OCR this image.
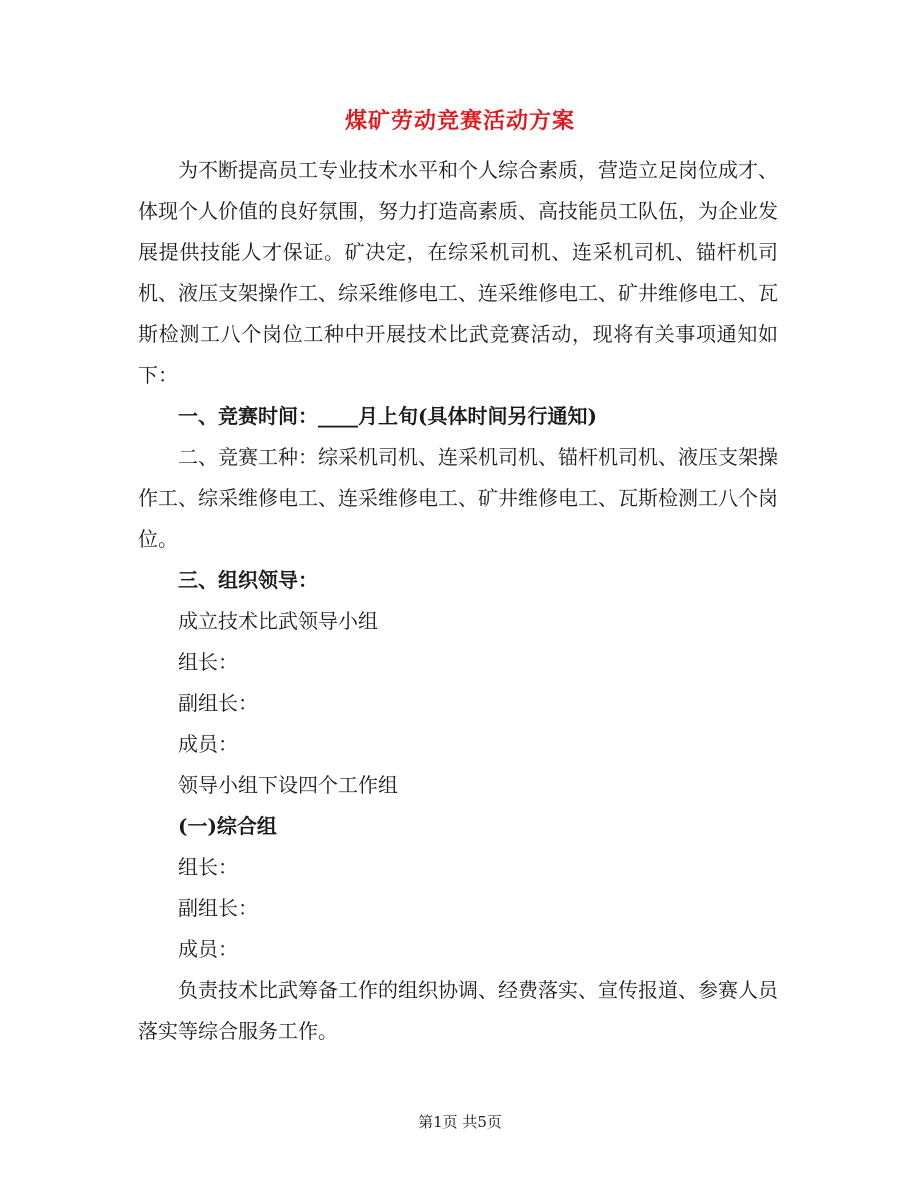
煤矿劳动竞赛活动方案

为不断提高员工专业技术水平和个人综合素质，营造立足岗位成才、体现个人价值的良好氛围，努力打造高素质、高技能员工队伍，为企业发展提供技能人才保证。矿决定，在综采机司机、连采机司机、锚杆机司机、液压支架操作工、综采维修电工、连采维修电工、矿井维修电工、瓦斯检测工八个岗位工种中开展技术比武竞赛活动，现将有关事项通知如下：

一、竞赛时间：____月上旬(具体时间另行通知)

二、竞赛工种：综采机司机、连采机司机、锚杆机司机、液压支架操作工、综采维修电工、连采维修电工、矿井维修电工、瓦斯检测工八个岗位。

三、组织领导：

成立技术比武领导小组

组长：

副组长：

成员：

领导小组下设四个工作组

(一)综合组

组长：

副组长：

成员：

负责技术比武筹备工作的组织协调、经费落实、宣传报道、参赛人员落实等综合服务工作。

第1页 共5页
